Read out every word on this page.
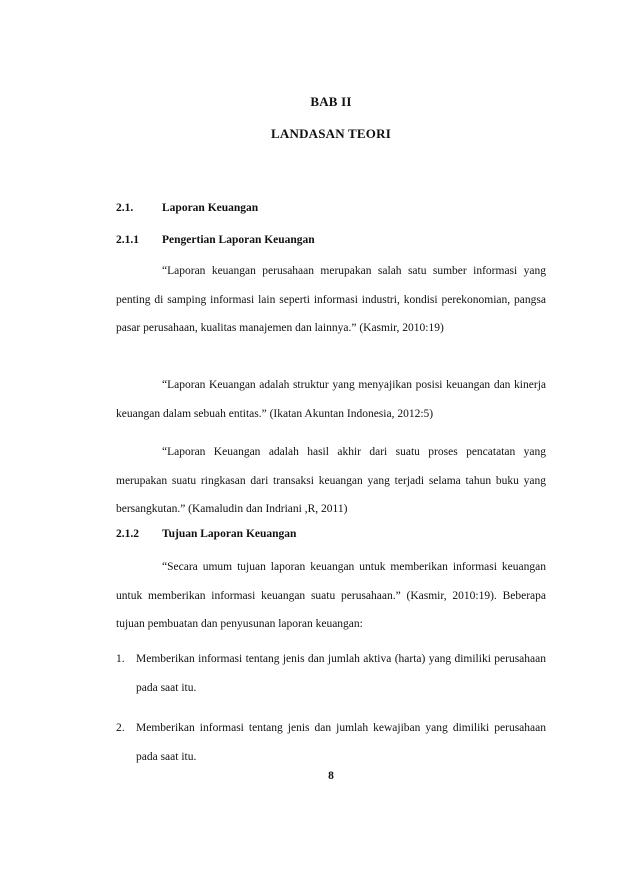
BAB II
LANDASAN TEORI
2.1.	Laporan Keuangan
2.1.1 Pengertian Laporan Keuangan

“Laporan keuangan perusahaan merupakan salah satu sumber informasi yang penting di samping informasi lain seperti informasi industri, kondisi perekonomian, pangsa pasar perusahaan, kualitas manajemen dan lainnya.” (Kasmir, 2010:19)

“Laporan Keuangan adalah struktur yang menyajikan posisi keuangan dan kinerja keuangan dalam sebuah entitas.” (Ikatan Akuntan Indonesia, 2012:5)

“Laporan Keuangan adalah hasil akhir dari suatu proses pencatatan yang merupakan suatu ringkasan dari transaksi keuangan yang terjadi selama tahun buku yang bersangkutan.” (Kamaludin dan Indriani ,R, 2011)

2.1.2 Tujuan Laporan Keuangan

“Secara umum tujuan laporan keuangan untuk memberikan informasi keuangan untuk memberikan informasi keuangan suatu perusahaan.” (Kasmir, 2010:19). Beberapa tujuan pembuatan dan penyusunan laporan keuangan:

1. Memberikan informasi tentang jenis dan jumlah aktiva (harta) yang dimiliki perusahaan pada saat itu.
2. Memberikan informasi tentang jenis dan jumlah kewajiban yang dimiliki perusahaan pada saat itu.
8
